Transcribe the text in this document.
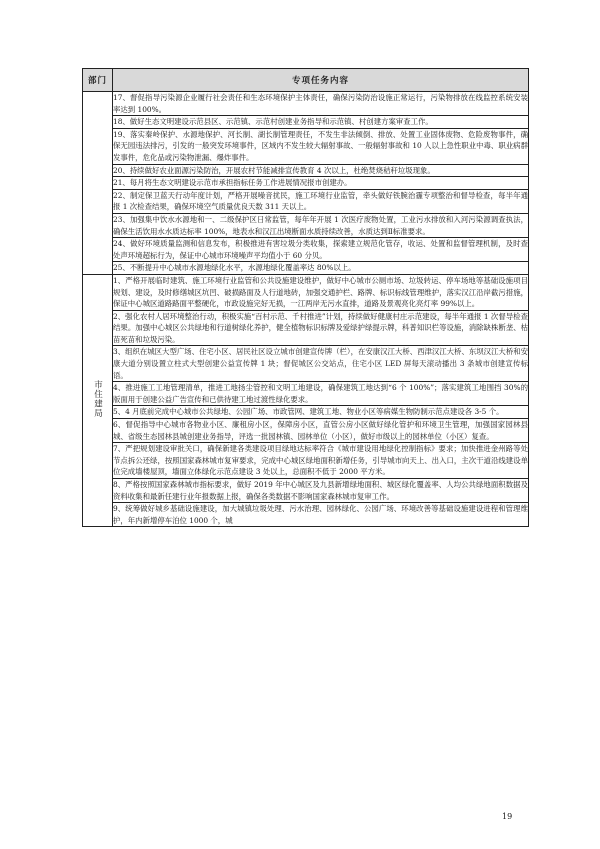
部门	专项任务内容
	17、督促指导污染源企业履行社会责任和生态环境保护主体责任，确保污染防治设施正常运行，污染物排放在线监控系统安装率达到 100%。
	18、做好生态文明建设示范县区、示范镇、示范村创建业务指导和示范镇、村创建方案审查工作。
	19、落实秦岭保护、水源地保护、河长制、湖长制管理责任，不发生非法倾倒、排放、处置工业固体废物、危险废物事件，确保无园违法排污，引发的一般突发环境事件，区域内不发生较大辐射事故、一般辐射事故和 10 人以上急性职业中毒、职业病群发事件，危化品或污染物泄漏、爆炸事件。
	20、持续做好农业面源污染防治，开展农村节能减排宣传教育 4 次以上，杜绝焚烧秸秆垃圾现象。
	21、每月将生态文明建设示范市承担指标任务工作进展情况报市创建办。
	22、制定保卫蓝天行动年度计划，严格开展噪音扰民，施工环境行业监管，牵头做好铁腕治霾专项整治和督导检查，每半年通报 1 次检查结果，确保环境空气质量优良天数 311 天以上。
	23、加强集中饮水水源地和一、二级保护区日常监管，每年年开展 1 次医疗废物处置，工业污水排放和入河污染源调查执法，确保生活饮用水水质达标率 100%，地表水和汉江出境断面水质持续改善，水质达到Ⅱ标准要求。
	24、做好环境质量监测和信息发布，积极推进有害垃圾分类收集，探索建立规范化管存，收运、处置和监督管理机制，及时查处声环境超标行为，保证中心城市环境噪声平均值小于 60 分贝。
	25、不断提升中心城市水源地绿化水平，水源地绿化覆盖率达 80%以上。
市住建局	1、严格开展临时建筑、施工环境行业监管和公共设施建设维护，做好中心城市公厕市场、垃圾转运、停车场地等基础设施项目规划、建设，及时修缮城区坑凹、破损路面及人行道地砖，加强交通护栏、路牌、标识标线管理维护，落实汉江沿岸截污措施，保证中心城区道路路面平整硬化，市政设施完好无损，一江两岸无污水直排，道路及景观亮化亮灯率 99%以上。
	2、强化农村人居环境整治行动，积极实施“百村示范、千村推进”计划，持续做好健康村庄示范建设，每半年通报 1 次督导检查结果。加强中心城区公共绿地和行道树绿化养护，健全植物标识标牌及爱绿护绿提示牌，科普知识栏等设施，消除缺株断垄、枯苗死苗和垃圾污染。
	3、组织在城区大型广场、住宅小区、居民社区设立城市创建宣传牌（栏），在安康汉江大桥、西津汉江大桥、东坝汉江大桥和安康大道分别设置立柱式大型创建公益宣传牌 1 块；督促城区公交站点，住宅小区 LED 屏每天滚动播出 3 条城市创建宣传标语。
	4、推进施工工地管理清单，推进工地扬尘管控和文明工地建设，确保建筑工地达到“6 个 100%”；落实建筑工地围挡 30%的版面用于创建公益广告宣传和已供待建工地过渡性绿化要求。
	5、4 月底前完成中心城市公共绿地、公园广场、市政管网、建筑工地、物业小区等病媒生物防制示范点建设各 3-5 个。
	6、督促指导中心城市各物业小区、廉租房小区，保障房小区，直管公房小区做好绿化管护和环境卫生管理，加强国家园林县城、省级生态园林县城创建业务指导，评选一批园林镇、园林单位（小区），做好市级以上的园林单位（小区）复查。
	7、严把规划建设审批关口，确保新建各类建设项目绿地达标率符合《城市建设用地绿化控制指标》要求；加快推进金州路等处节点拆公还绿，按照国家森林城市复审要求，完成中心城区绿地面积新增任务，引导城市向天上、出入口，主次干道沿线建设单位完成墙楼屋顶，墙面立体绿化示范点建设 3 处以上，总面积不低于 2000 平方米。
	8、严格按照国家森林城市指标要求，做好 2019 年中心城区及九县新增绿地面积、城区绿化覆盖率、人均公共绿地面积数据及资料收集和最新任建行业年报数据上报，确保各类数据不影响国家森林城市复审工作。
	9、统筹做好城乡基础设施建设，加大城镇垃圾处理、污水治理、园林绿化、公园广场、环境改善等基础设施建设进程和管理维护，年内新增停车泊位 1000 个，城
19
